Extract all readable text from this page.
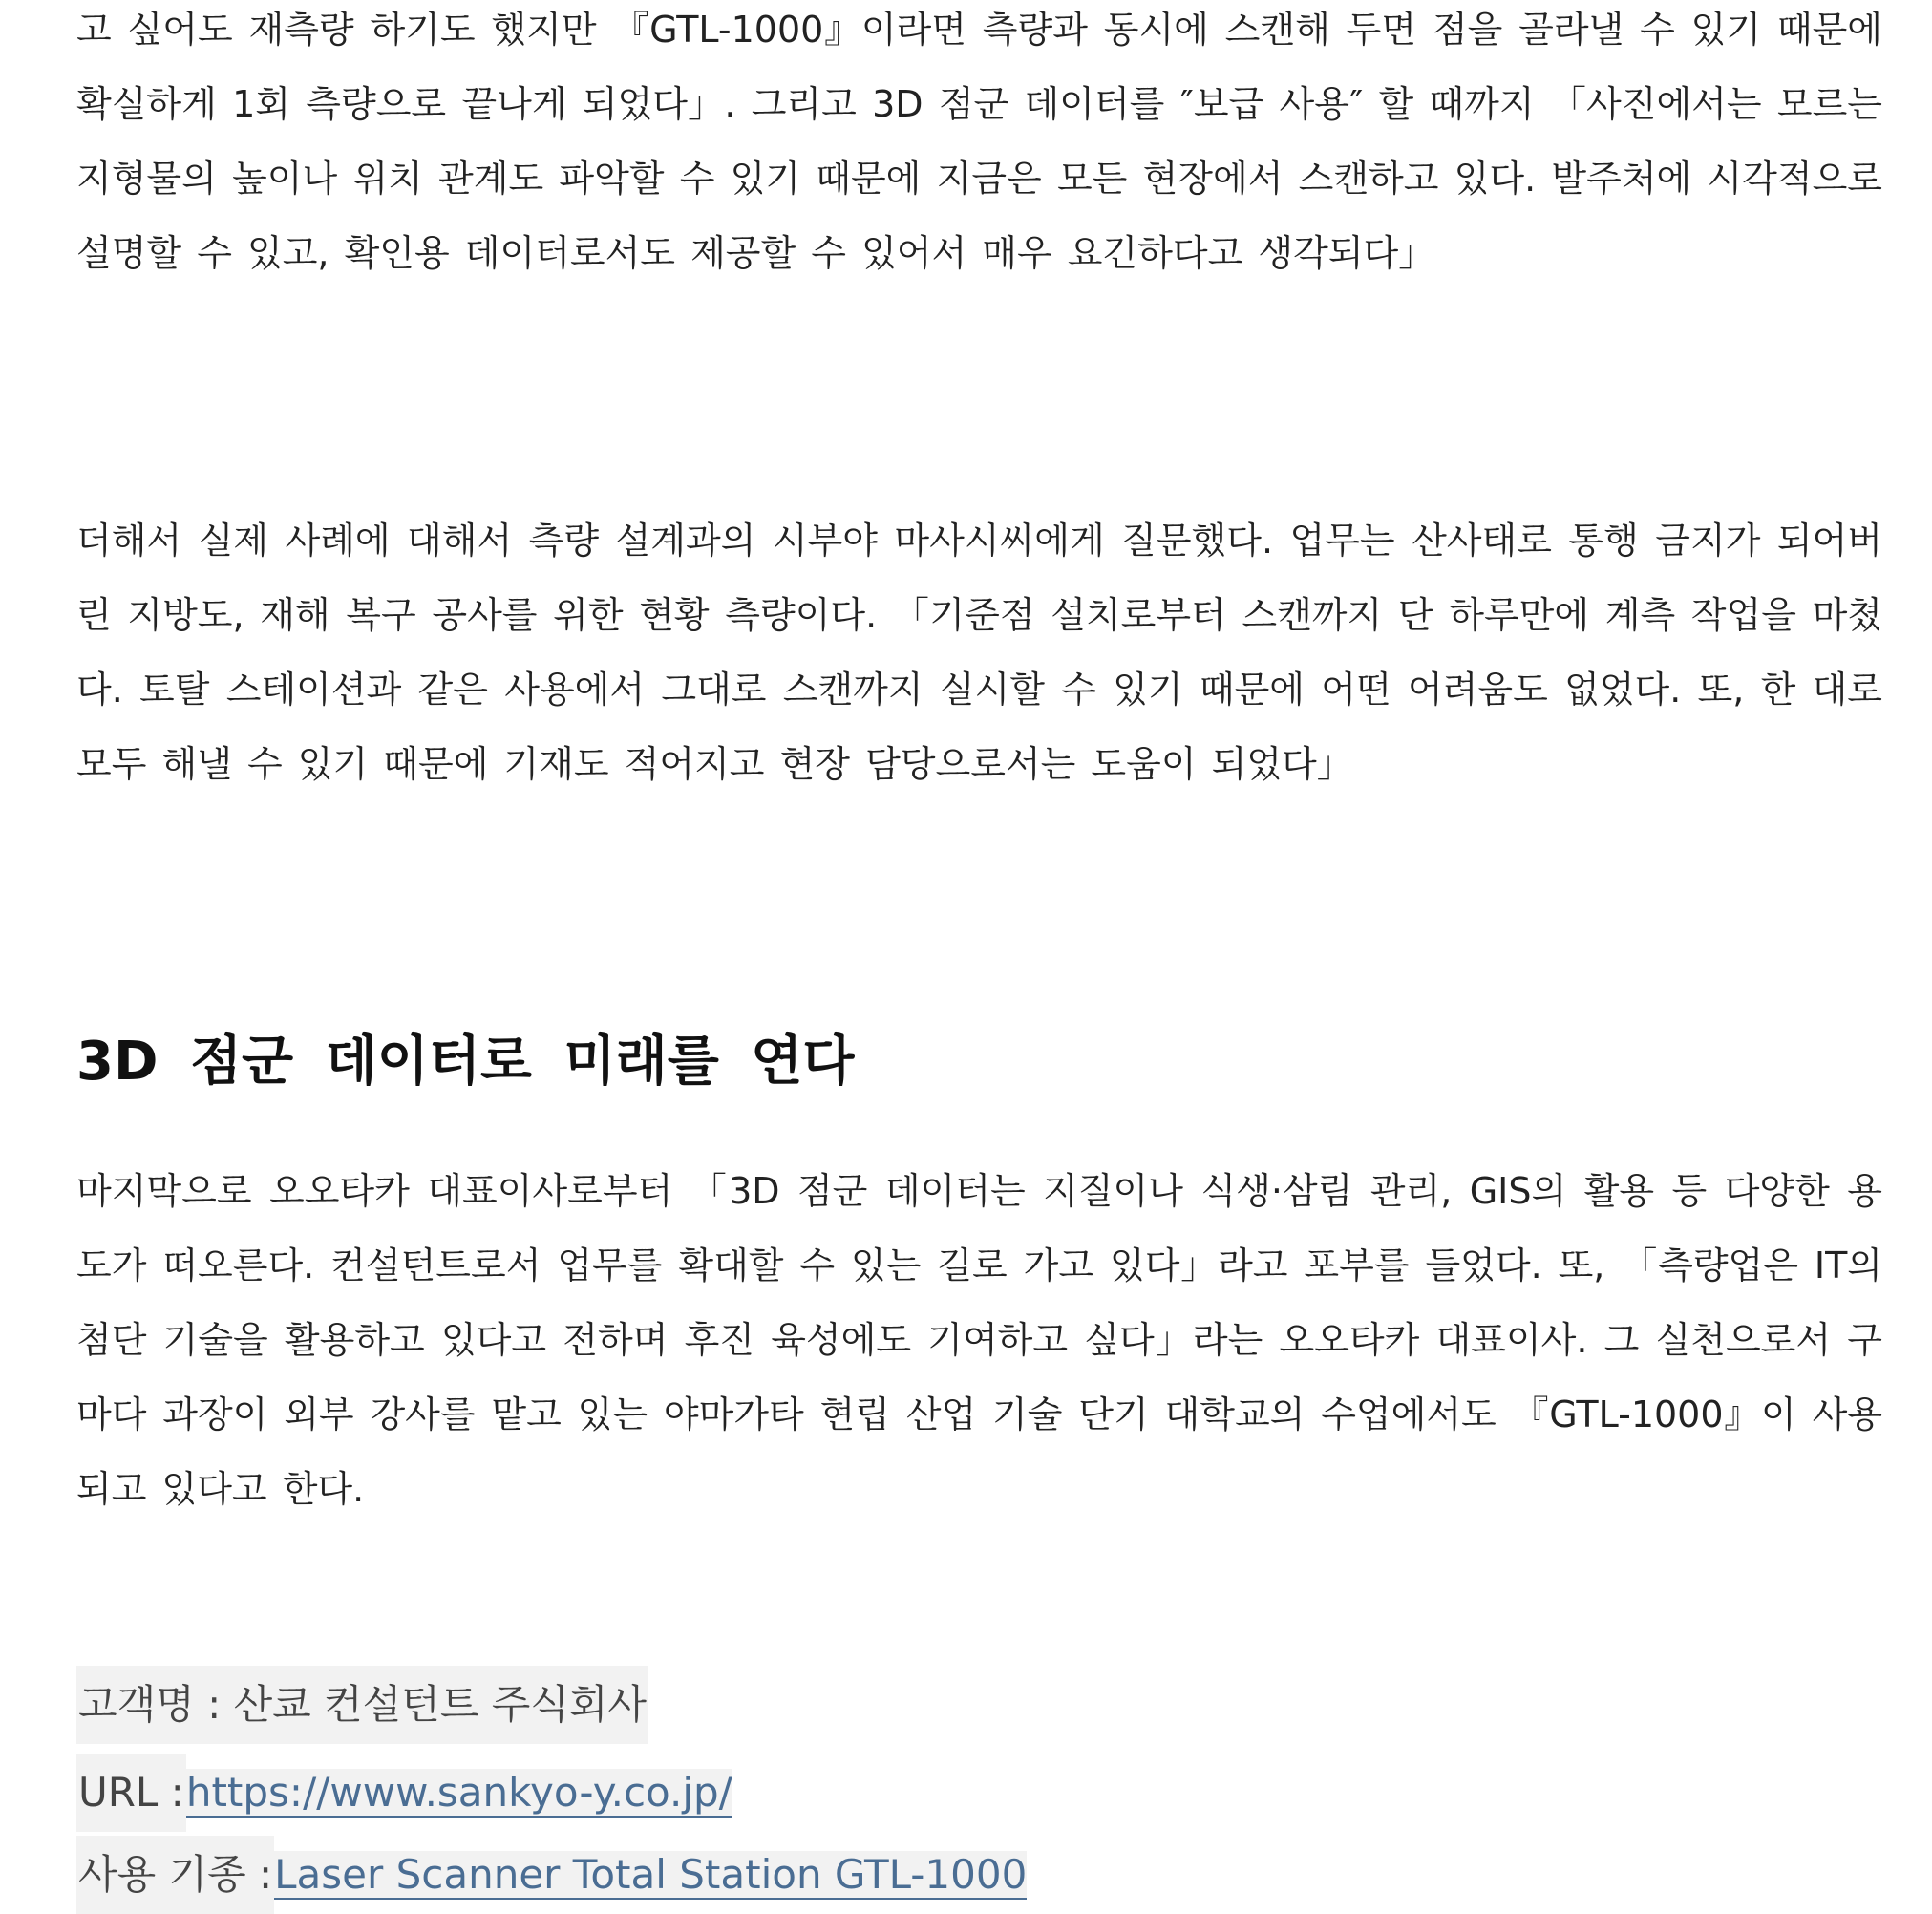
고 싶어도 재측량 하기도 했지만 『GTL-1000』이라면 측량과 동시에 스캔해 두면 점을 골라낼 수 있기 때문에 확실하게 1회 측량으로 끝나게 되었다」. 그리고 3D 점군 데이터를 ″보급 사용″ 할 때까지 「사진에서는 모르는 지형물의 높이나 위치 관계도 파악할 수 있기 때문에 지금은 모든 현장에서 스캔하고 있다. 발주처에 시각적으로 설명할 수 있고, 확인용 데이터로서도 제공할 수 있어서 매우 요긴하다고 생각되다」

더해서 실제 사례에 대해서 측량 설계과의 시부야 마사시씨에게 질문했다. 업무는 산사태로 통행 금지가 되어버린 지방도, 재해 복구 공사를 위한 현황 측량이다. 「기준점 설치로부터 스캔까지 단 하루만에 계측 작업을 마쳤다. 토탈 스테이션과 같은 사용에서 그대로 스캔까지 실시할 수 있기 때문에 어떤 어려움도 없었다. 또, 한 대로 모두 해낼 수 있기 때문에 기재도 적어지고 현장 담당으로서는 도움이 되었다」

3D 점군 데이터로 미래를 연다

마지막으로 오오타카 대표이사로부터 「3D 점군 데이터는 지질이나 식생·삼림 관리, GIS의 활용 등 다양한 용도가 떠오른다. 컨설턴트로서 업무를 확대할 수 있는 길로 가고 있다」라고 포부를 들었다. 또, 「측량업은 IT의 첨단 기술을 활용하고 있다고 전하며 후진 육성에도 기여하고 싶다」라는 오오타카 대표이사. 그 실천으로서 구마다 과장이 외부 강사를 맡고 있는 야마가타 현립 산업 기술 단기 대학교의 수업에서도 『GTL-1000』이 사용되고 있다고 한다.

고객명 : 산쿄 컨설턴트 주식회사
URL :https://www.sankyo-y.co.jp/
사용 기종 :Laser Scanner Total Station GTL-1000
